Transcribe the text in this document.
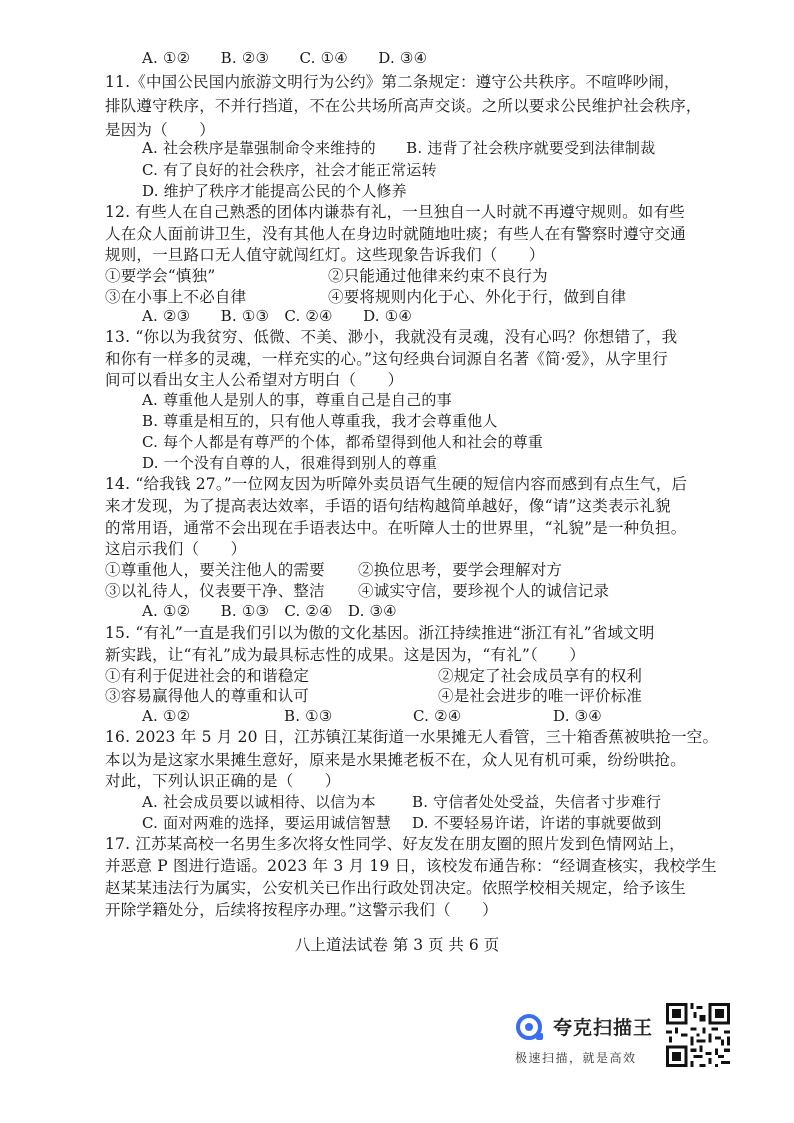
A. ①②　　B. ②③　　C. ①④　　D. ③④
11.《中国公民国内旅游文明行为公约》第二条规定：遵守公共秩序。不喧哗吵闹，
排队遵守秩序，不并行挡道，不在公共场所高声交谈。之所以要求公民维护社会秩序，
是因为（　　）
A. 社会秩序是靠强制命令来维持的　　B. 违背了社会秩序就要受到法律制裁
C. 有了良好的社会秩序，社会才能正常运转
D. 维护了秩序才能提高公民的个人修养
12. 有些人在自己熟悉的团体内谦恭有礼，一旦独自一人时就不再遵守规则。如有些
人在众人面前讲卫生，没有其他人在身边时就随地吐痰；有些人在有警察时遵守交通
规则，一旦路口无人值守就闯红灯。这些现象告诉我们（　　）
①要学会“慎独”	②只能通过他律来约束不良行为
③在小事上不必自律	④要将规则内化于心、外化于行，做到自律
A. ②③　　B. ①③　C. ②④　　D. ①④
13. “你以为我贫穷、低微、不美、渺小，我就没有灵魂，没有心吗？你想错了，我
和你有一样多的灵魂，一样充实的心。”这句经典台词源自名著《简·爱》，从字里行
间可以看出女主人公希望对方明白（　　）
A. 尊重他人是别人的事，尊重自己是自己的事
B. 尊重是相互的，只有他人尊重我，我才会尊重他人
C. 每个人都是有尊严的个体，都希望得到他人和社会的尊重
D. 一个没有自尊的人，很难得到别人的尊重
14. “给我钱 27。”一位网友因为听障外卖员语气生硬的短信内容而感到有点生气，后
来才发现，为了提高表达效率，手语的语句结构越简单越好，像“请”这类表示礼貌
的常用语，通常不会出现在手语表达中。在听障人士的世界里，“礼貌”是一种负担。
这启示我们（　　）
①尊重他人，要关注他人的需要 ②换位思考，要学会理解对方
③以礼待人，仪表要干净、整洁 ④诚实守信，要珍视个人的诚信记录
A. ①②　　B. ①③　C. ②④　D. ③④
15. “有礼”一直是我们引以为傲的文化基因。浙江持续推进“浙江有礼”省域文明
新实践，让“有礼”成为最具标志性的成果。这是因为，“有礼”（　　）
①有利于促进社会的和谐稳定	②规定了社会成员享有的权利
③容易赢得他人的尊重和认可	④是社会进步的唯一评价标准
A. ①②	B. ①③	C. ②④	D. ③④
16. 2023 年 5 月 20 日，江苏镇江某街道一水果摊无人看管，三十箱香蕉被哄抢一空。
本以为是这家水果摊生意好，原来是水果摊老板不在，众人见有机可乘，纷纷哄抢。
对此，下列认识正确的是（　　）
A. 社会成员要以诚相待、以信为本 B. 守信者处处受益，失信者寸步难行
C. 面对两难的选择，要运用诚信智慧 D. 不要轻易许诺，许诺的事就要做到
17. 江苏某高校一名男生多次将女性同学、好友发在朋友圈的照片发到色情网站上，
并恶意 P 图进行造谣。2023 年 3 月 19 日，该校发布通告称：“经调查核实，我校学生
赵某某违法行为属实，公安机关已作出行政处罚决定。依照学校相关规定，给予该生
开除学籍处分，后续将按程序办理。”这警示我们（　　）
八上道法试卷 第 3 页 共 6 页
夸克扫描王
极速扫描，就是高效
